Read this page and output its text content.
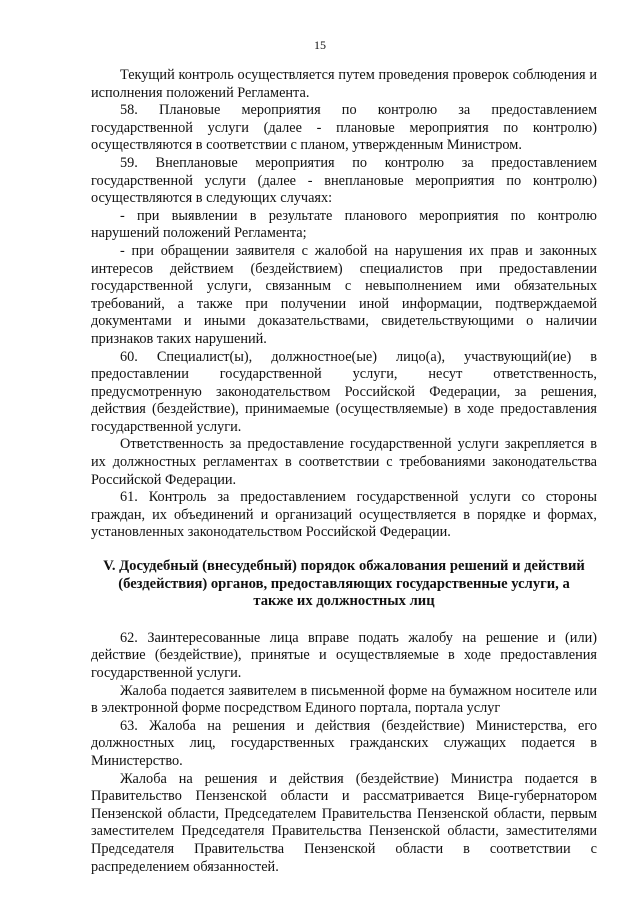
15

Текущий контроль осуществляется путем проведения проверок соблюдения и исполнения положений Регламента.

58. Плановые мероприятия по контролю за предоставлением государственной услуги (далее - плановые мероприятия по контролю) осуществляются в соответствии с планом, утвержденным Министром.

59. Внеплановые мероприятия по контролю за предоставлением государственной услуги (далее - внеплановые мероприятия по контролю) осуществляются в следующих случаях:

- при выявлении в результате планового мероприятия по контролю нарушений положений Регламента;

- при обращении заявителя с жалобой на нарушения их прав и законных интересов действием (бездействием) специалистов при предоставлении государственной услуги, связанным с невыполнением ими обязательных требований, а также при получении иной информации, подтверждаемой документами и иными доказательствами, свидетельствующими о наличии признаков таких нарушений.

60. Специалист(ы), должностное(ые) лицо(а), участвующий(ие) в предоставлении государственной услуги, несут ответственность, предусмотренную законодательством Российской Федерации, за решения, действия (бездействие), принимаемые (осуществляемые) в ходе предоставления государственной услуги.

Ответственность за предоставление государственной услуги закрепляется в их должностных регламентах в соответствии с требованиями законодательства Российской Федерации.

61. Контроль за предоставлением государственной услуги со стороны граждан, их объединений и организаций осуществляется в порядке и формах, установленных законодательством Российской Федерации.

V. Досудебный (внесудебный) порядок обжалования решений и действий (бездействия) органов, предоставляющих государственные услуги, а также их должностных лиц

62. Заинтересованные лица вправе подать жалобу на решение и (или) действие (бездействие), принятые и осуществляемые в ходе предоставления государственной услуги.

Жалоба подается заявителем в письменной форме на бумажном носителе или в электронной форме посредством Единого портала, портала услуг

63. Жалоба на решения и действия (бездействие) Министерства, его должностных лиц, государственных гражданских служащих подается в Министерство.

Жалоба на решения и действия (бездействие) Министра подается в Правительство Пензенской области и рассматривается Вице-губернатором Пензенской области, Председателем Правительства Пензенской области, первым заместителем Председателя Правительства Пензенской области, заместителями Председателя Правительства Пензенской области в соответствии с распределением обязанностей.
